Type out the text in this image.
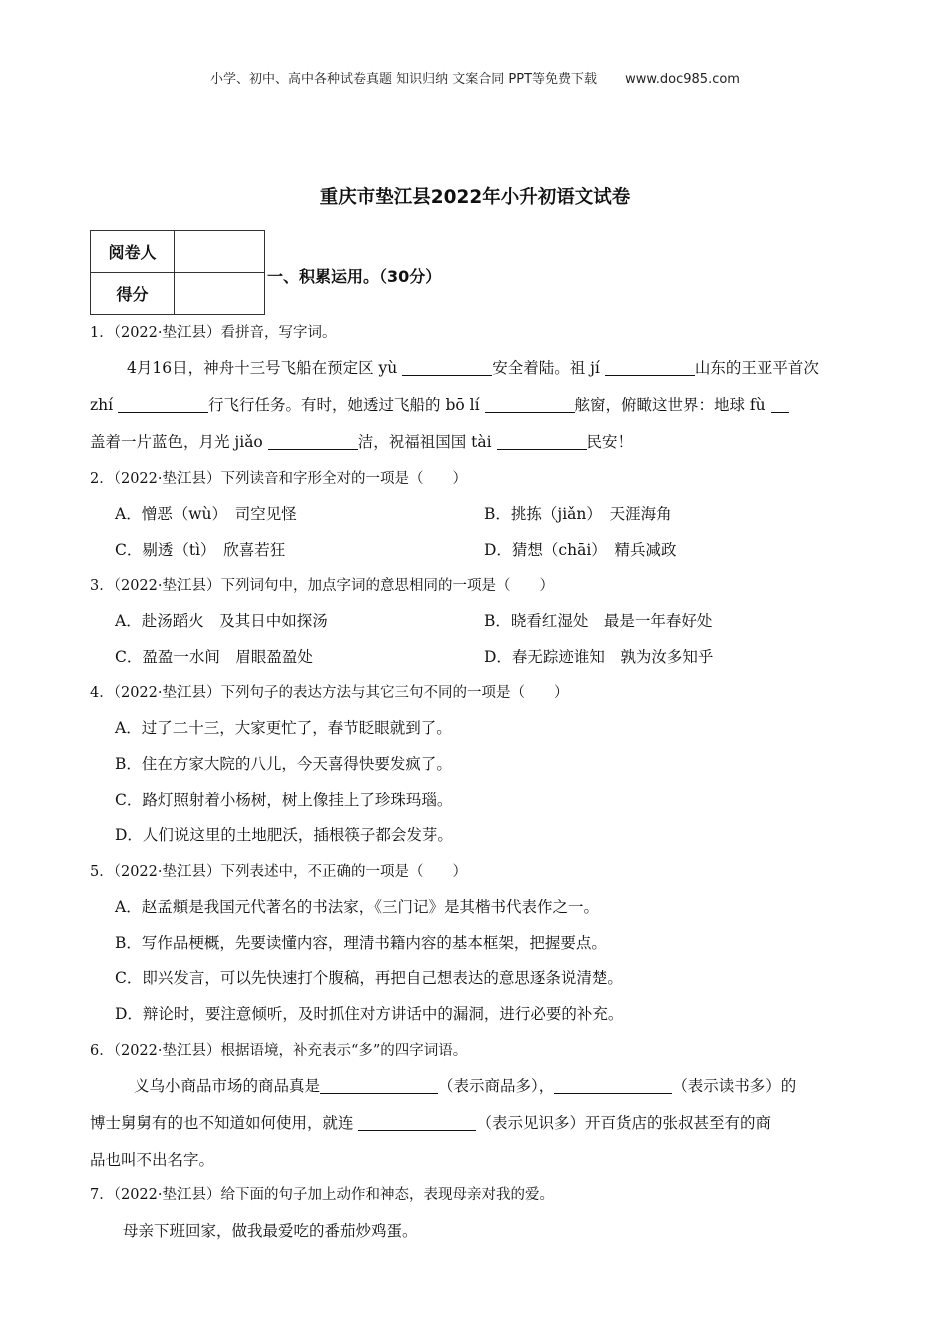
小学、初中、高中各种试卷真题 知识归纳 文案合同 PPT等免费下载 www.doc985.com
重庆市垫江县2022年小升初语文试卷
阅卷人	
得分	
一、积累运用。（30分）
1．（2022·垫江县）看拼音，写字词。
4月16日，神舟十三号飞船在预定区 yù	安全着陆。祖 jí	山东的王亚平首次
zhí	行飞行任务。有时，她透过飞船的 bō lí	舷窗，俯瞰这世界：地球 fù
盖着一片蓝色，月光 jiǎo	洁，祝福祖国国 tài	民安！
2．（2022·垫江县）下列读音和字形全对的一项是（　　）
A．憎恶（wù）　司空见怪	B．挑拣（jiǎn）　天涯海角
C．剔透（tì）　欣喜若狂	D．猜想（chāi）　精兵减政
3．（2022·垫江县）下列词句中，加点字词的意思相同的一项是（　　）
A．赴汤蹈火　及其日中如探汤	B．晓看红湿处　最是一年春好处
C．盈盈一水间　眉眼盈盈处	D．春无踪迹谁知　孰为汝多知乎
4．（2022·垫江县）下列句子的表达方法与其它三句不同的一项是（　　）
A．过了二十三，大家更忙了，春节眨眼就到了。
B．住在方家大院的八儿，今天喜得快要发疯了。
C．路灯照射着小杨树，树上像挂上了珍珠玛瑙。
D．人们说这里的土地肥沃，插根筷子都会发芽。
5．（2022·垫江县）下列表述中，不正确的一项是（　　）
A．赵孟頫是我国元代著名的书法家，《三门记》是其楷书代表作之一。
B．写作品梗概，先要读懂内容，理清书籍内容的基本框架，把握要点。
C．即兴发言，可以先快速打个腹稿，再把自己想表达的意思逐条说清楚。
D．辩论时，要注意倾听，及时抓住对方讲话中的漏洞，进行必要的补充。
6．（2022·垫江县）根据语境，补充表示“多”的四字词语。
义乌小商品市场的商品真是	（表示商品多），	（表示读书多）的
博士舅舅有的也不知道如何使用，就连	（表示见识多）开百货店的张叔甚至有的商
品也叫不出名字。
7．（2022·垫江县）给下面的句子加上动作和神态，表现母亲对我的爱。
母亲下班回家，做我最爱吃的番茄炒鸡蛋。
